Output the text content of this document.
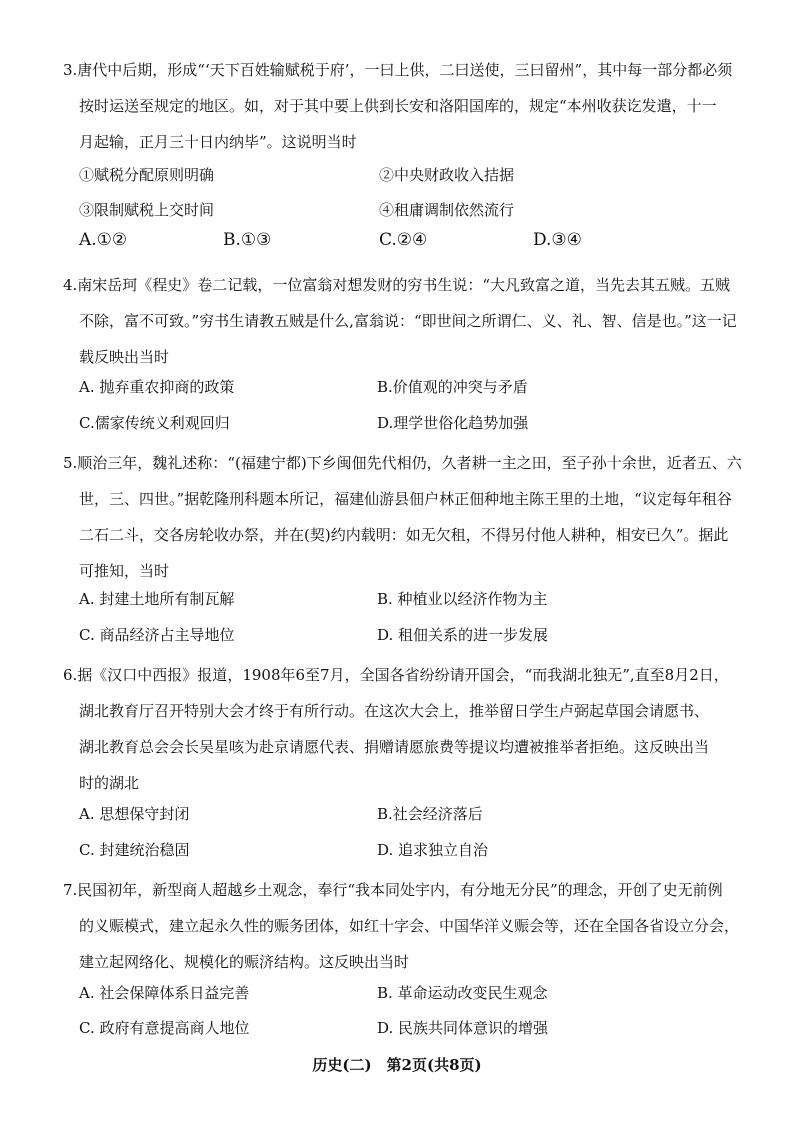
3.唐代中后期，形成“‘天下百姓输赋税于府’，一曰上供，二曰送使，三曰留州”，其中每一部分都必须
按时运送至规定的地区。如，对于其中要上供到长安和洛阳国库的，规定“本州收获讫发遣，十一
月起输，正月三十日内纳毕”。这说明当时

①赋税分配原则明确	②中央财政收入拮据
③限制赋税上交时间	④租庸调制依然流行
A.①②	B.①③	C.②④	D.③④

4.南宋岳珂《程史》卷二记载，一位富翁对想发财的穷书生说：“大凡致富之道，当先去其五贼。五贼
不除，富不可致。”穷书生请教五贼是什么,富翁说：“即世间之所谓仁、义、礼、智、信是也。”这一记
载反映出当时

A. 抛弃重农抑商的政策	B.价值观的冲突与矛盾
C.儒家传统义利观回归	D.理学世俗化趋势加强

5.顺治三年，魏礼述称：“(福建宁都)下乡闽佃先代相仍，久者耕一主之田，至子孙十余世，近者五、六
世，三、四世。”据乾隆刑科题本所记，福建仙游县佃户林正佃种地主陈王里的土地，“议定每年租谷
二石二斗，交各房轮收办祭，并在(契)约内载明：如无欠租，不得另付他人耕种，相安已久”。据此
可推知，当时

A. 封建土地所有制瓦解	B. 种植业以经济作物为主
C. 商品经济占主导地位	D. 租佃关系的进一步发展

6.据《汉口中西报》报道，1908年6至7月，全国各省纷纷请开国会，“而我湖北独无”,直至8月2日，
湖北教育厅召开特别大会才终于有所行动。在这次大会上，推举留日学生卢弼起草国会请愿书、
湖北教育总会会长吴星咳为赴京请愿代表、捐赠请愿旅费等提议均遭被推举者拒绝。这反映出当
时的湖北

A. 思想保守封闭	B.社会经济落后
C. 封建统治稳固	D. 追求独立自治

7.民国初年，新型商人超越乡土观念，奉行“我本同处宇内，有分地无分民”的理念，开创了史无前例
的义赈模式，建立起永久性的赈务团体，如红十字会、中国华洋义赈会等，还在全国各省设立分会，
建立起网络化、规模化的赈济结构。这反映出当时

A. 社会保障体系日益完善	B. 革命运动改变民生观念
C. 政府有意提高商人地位	D. 民族共同体意识的增强
历史(二)　第2页(共8页)
